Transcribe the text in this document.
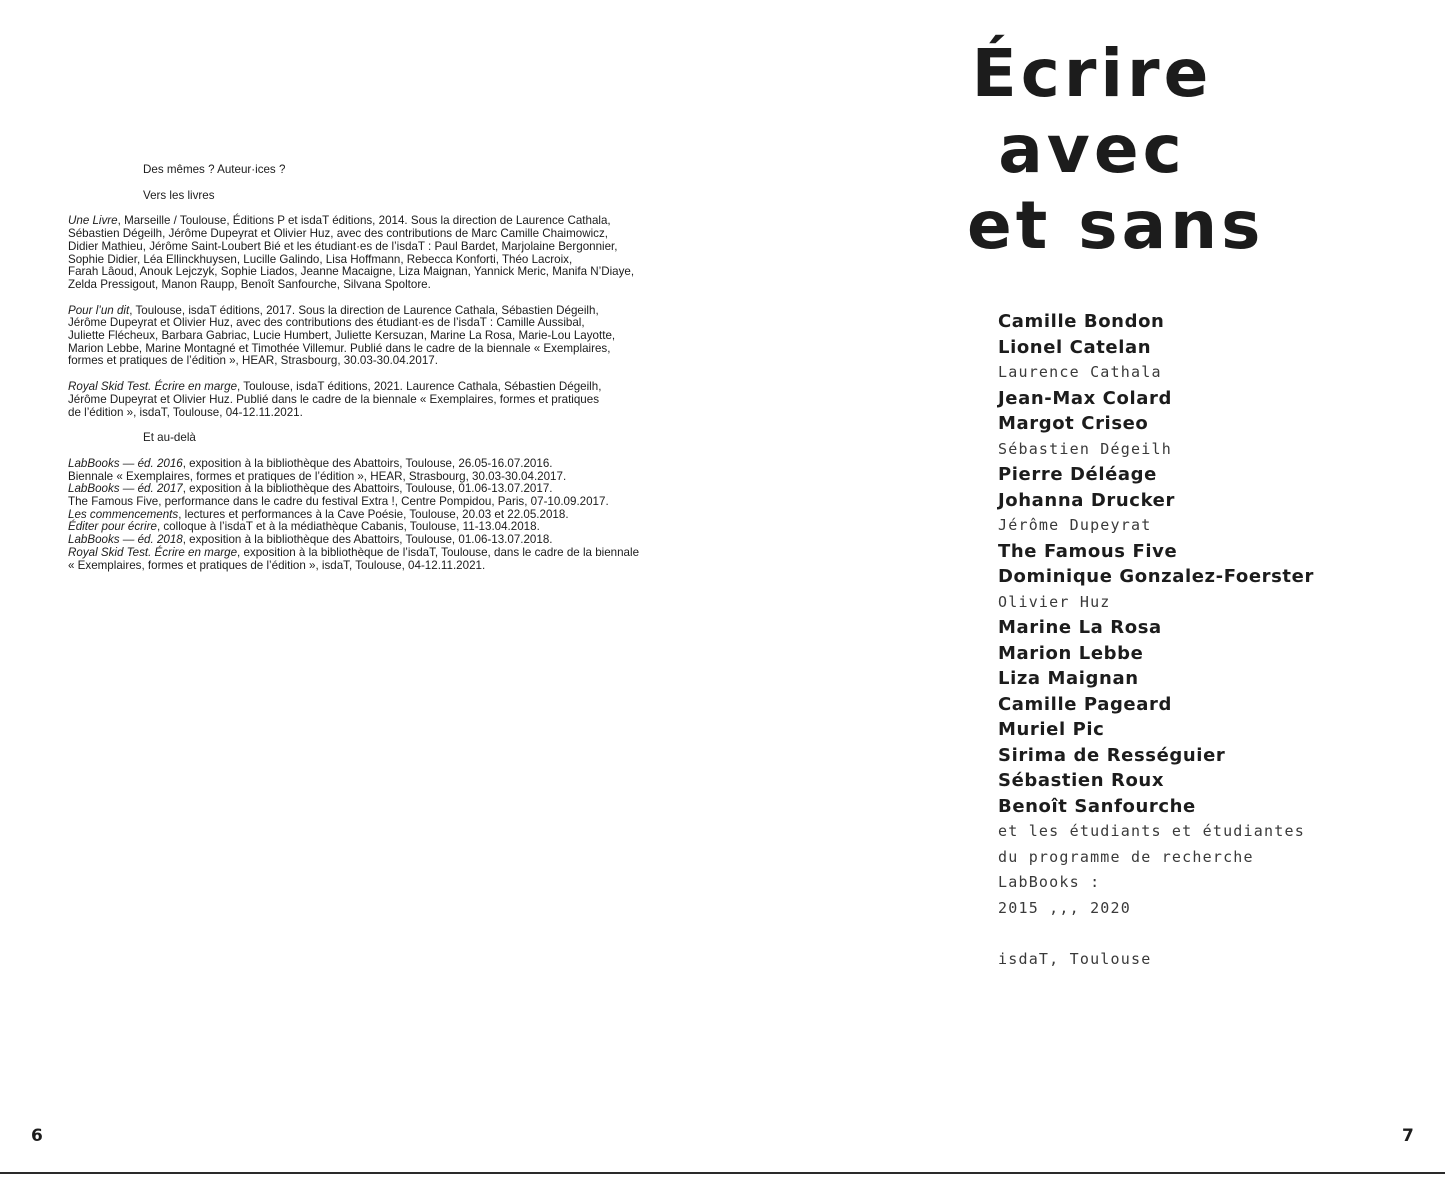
Des mêmes ? Auteur·ices ?

Vers les livres

Une Livre, Marseille / Toulouse, Éditions P et isdaT éditions, 2014. Sous la direction de Laurence Cathala,
Sébastien Dégeilh, Jérôme Dupeyrat et Olivier Huz, avec des contributions de Marc Camille Chaimowicz,
Didier Mathieu, Jérôme Saint-Loubert Bié et les étudiant·es de l’isdaT : Paul Bardet, Marjolaine Bergonnier,
Sophie Didier, Léa Ellinckhuysen, Lucille Galindo, Lisa Hoffmann, Rebecca Konforti, Théo Lacroix,
Farah Lâoud, Anouk Lejczyk, Sophie Liados, Jeanne Macaigne, Liza Maignan, Yannick Meric, Manifa N’Diaye,
Zelda Pressigout, Manon Raupp, Benoît Sanfourche, Silvana Spoltore.
Pour l’un dit, Toulouse, isdaT éditions, 2017. Sous la direction de Laurence Cathala, Sébastien Dégeilh,
Jérôme Dupeyrat et Olivier Huz, avec des contributions des étudiant·es de l’isdaT : Camille Aussibal,
Juliette Flécheux, Barbara Gabriac, Lucie Humbert, Juliette Kersuzan, Marine La Rosa, Marie-Lou Layotte,
Marion Lebbe, Marine Montagné et Timothée Villemur. Publié dans le cadre de la biennale « Exemplaires,
formes et pratiques de l’édition », HEAR, Strasbourg, 30.03-30.04.2017.
Royal Skid Test. Écrire en marge, Toulouse, isdaT éditions, 2021. Laurence Cathala, Sébastien Dégeilh,
Jérôme Dupeyrat et Olivier Huz. Publié dans le cadre de la biennale « Exemplaires, formes et pratiques
de l’édition », isdaT, Toulouse, 04-12.11.2021.

Et au-delà

LabBooks — éd. 2016, exposition à la bibliothèque des Abattoirs, Toulouse, 26.05-16.07.2016.
Biennale « Exemplaires, formes et pratiques de l’édition », HEAR, Strasbourg, 30.03-30.04.2017.
LabBooks — éd. 2017, exposition à la bibliothèque des Abattoirs, Toulouse, 01.06-13.07.2017.
The Famous Five, performance dans le cadre du festival Extra !, Centre Pompidou, Paris, 07-10.09.2017.
Les commencements, lectures et performances à la Cave Poésie, Toulouse, 20.03 et 22.05.2018.
Éditer pour écrire, colloque à l’isdaT et à la médiathèque Cabanis, Toulouse, 11-13.04.2018.
LabBooks — éd. 2018, exposition à la bibliothèque des Abattoirs, Toulouse, 01.06-13.07.2018.
Royal Skid Test. Écrire en marge, exposition à la bibliothèque de l’isdaT, Toulouse, dans le cadre de la biennale
« Exemplaires, formes et pratiques de l’édition », isdaT, Toulouse, 04-12.11.2021.
6
Écrire
avec
et sans
Camille Bondon
Lionel Catelan
Laurence Cathala
Jean-Max Colard
Margot Criseo
Sébastien Dégeilh
Pierre Déléage
Johanna Drucker
Jérôme Dupeyrat
The Famous Five
Dominique Gonzalez-Foerster
Olivier Huz
Marine La Rosa
Marion Lebbe
Liza Maignan
Camille Pageard
Muriel Pic
Sirima de Rességuier
Sébastien Roux
Benoît Sanfourche
et les étudiants et étudiantes
du programme de recherche
LabBooks :
2015 ,,, 2020
isdaT, Toulouse
7
